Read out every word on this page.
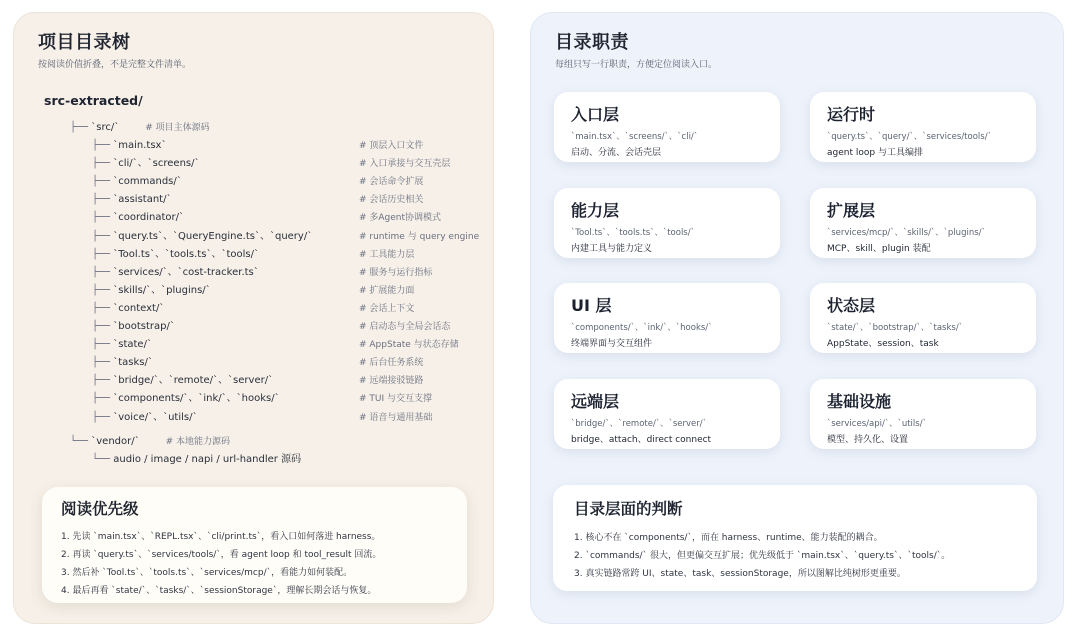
项目目录树
按阅读价值折叠，不是完整文件清单。
src-extracted/
├── `src/`	# 项目主体源码
├── `main.tsx`	# 顶层入口文件
├── `cli/`、`screens/`	# 入口承接与交互壳层
├── `commands/`	# 会话命令扩展
├── `assistant/`	# 会话历史相关
├── `coordinator/`	# 多Agent协调模式
├── `query.ts`、`QueryEngine.ts`、`query/`	# runtime 与 query engine
├── `Tool.ts`、`tools.ts`、`tools/`	# 工具能力层
├── `services/`、`cost-tracker.ts`	# 服务与运行指标
├── `skills/`、`plugins/`	# 扩展能力面
├── `context/`	# 会话上下文
├── `bootstrap/`	# 启动态与全局会话态
├── `state/`	# AppState 与状态存储
├── `tasks/`	# 后台任务系统
├── `bridge/`、`remote/`、`server/`	# 远端接驳链路
├── `components/`、`ink/`、`hooks/`	# TUI 与交互支撑
├── `voice/`、`utils/`	# 语音与通用基础
└── `vendor/`	# 本地能力源码
└── audio / image / napi / url-handler 源码
阅读优先级
1. 先读 `main.tsx`、`REPL.tsx`、`cli/print.ts`，看入口如何落进 harness。
2. 再读 `query.ts`、`services/tools/`，看 agent loop 和 tool_result 回流。
3. 然后补 `Tool.ts`、`tools.ts`、`services/mcp/`，看能力如何装配。
4. 最后再看 `state/`、`tasks/`、`sessionStorage`，理解长期会话与恢复。
目录职责
每组只写一行职责，方便定位阅读入口。
入口层
`main.tsx`、`screens/`、`cli/`
启动、分流、会话壳层
运行时
`query.ts`、`query/`、`services/tools/`
agent loop 与工具编排
能力层
`Tool.ts`、`tools.ts`、`tools/`
内建工具与能力定义
扩展层
`services/mcp/`、`skills/`、`plugins/`
MCP、skill、plugin 装配
UI 层
`components/`、`ink/`、`hooks/`
终端界面与交互组件
状态层
`state/`、`bootstrap/`、`tasks/`
AppState、session、task
远端层
`bridge/`、`remote/`、`server/`
bridge、attach、direct connect
基础设施
`services/api/`、`utils/`
模型、持久化、设置
目录层面的判断
1. 核心不在 `components/`，而在 harness、runtime、能力装配的耦合。
2. `commands/` 很大，但更偏交互扩展；优先级低于 `main.tsx`、`query.ts`、`tools/`。
3. 真实链路常跨 UI、state、task、sessionStorage，所以图解比纯树形更重要。
